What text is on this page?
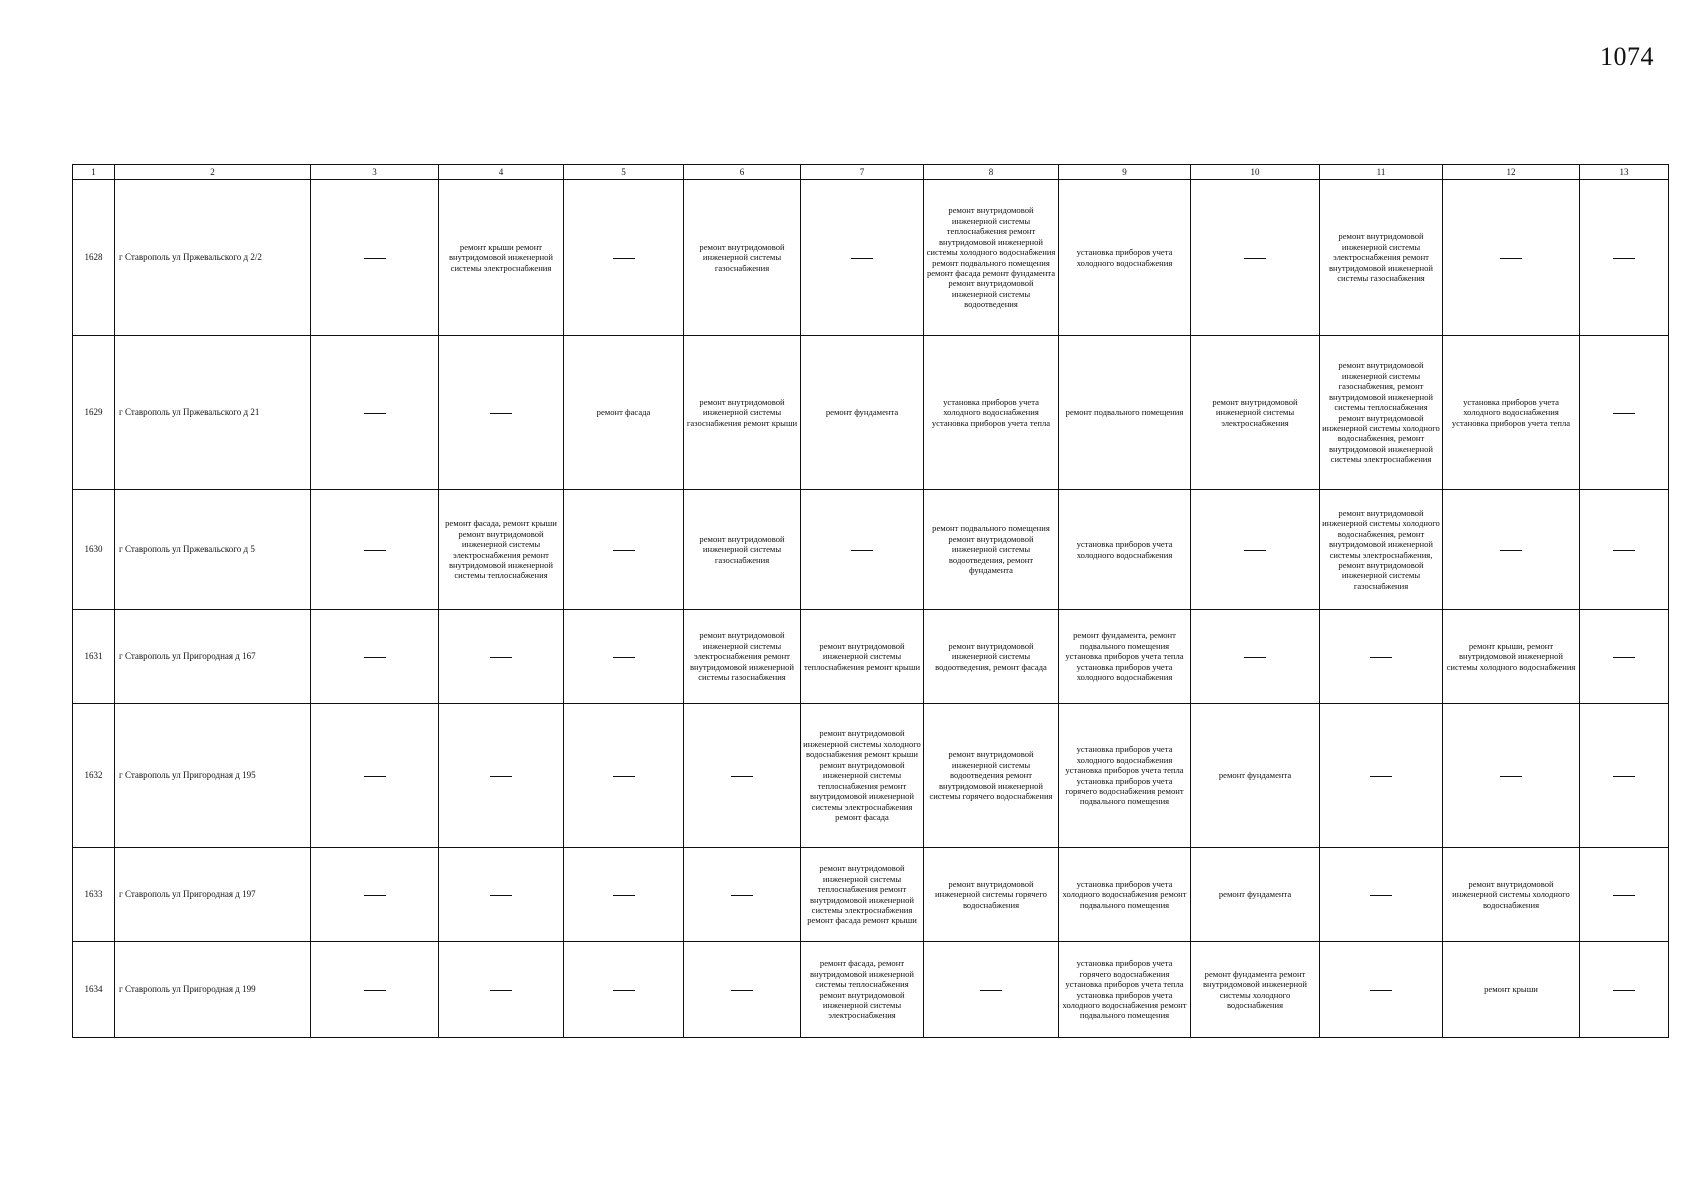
1074
1	2	3	4	5	6	7	8	9	10	11	12	13
1628	г Ставрополь ул Пржевальского д 2/2		ремонт крыши ремонт внутридомовой инженерной системы электроснабжения		ремонт внутридомовой инженерной системы газоснабжения		ремонт внутридомовой инженерной системы теплоснабжения ремонт внутридомовой инженерной системы холодного водоснабжения ремонт подвального помещения ремонт фасада ремонт фундамента ремонт внутридомовой инженерной системы водоотведения	установка приборов учета холодного водоснабжения		ремонт внутридомовой инженерной системы электроснабжения ремонт внутридомовой инженерной системы газоснабжения		
1629	г Ставрополь ул Пржевальского д 21			ремонт фасада	ремонт внутридомовой инженерной системы газоснабжения ремонт крыши	ремонт фундамента	установка приборов учета холодного водоснабжения установка приборов учета тепла	ремонт подвального помещения	ремонт внутридомовой инженерной системы электроснабжения	ремонт внутридомовой инженерной системы газоснабжения, ремонт внутридомовой инженерной системы теплоснабжения ремонт внутридомовой инженерной системы холодного водоснабжения, ремонт внутридомовой инженерной системы электроснабжения	установка приборов учета холодного водоснабжения установка приборов учета тепла	
1630	г Ставрополь ул Пржевальского д 5		ремонт фасада, ремонт крыши ремонт внутридомовой инженерной системы электроснабжения ремонт внутридомовой инженерной системы теплоснабжения		ремонт внутридомовой инженерной системы газоснабжения		ремонт подвального помещения ремонт внутридомовой инженерной системы водоотведения, ремонт фундамента	установка приборов учета холодного водоснабжения		ремонт внутридомовой инженерной системы холодного водоснабжения, ремонт внутридомовой инженерной системы электроснабжения, ремонт внутридомовой инженерной системы газоснабжения		
1631	г Ставрополь ул Пригородная д 167				ремонт внутридомовой инженерной системы электроснабжения ремонт внутридомовой инженерной системы газоснабжения	ремонт внутридомовой инженерной системы теплоснабжения ремонт крыши	ремонт внутридомовой инженерной системы водоотведения, ремонт фасада	ремонт фундамента, ремонт подвального помещения установка приборов учета тепла установка приборов учета холодного водоснабжения			ремонт крыши, ремонт внутридомовой инженерной системы холодного водоснабжения	
1632	г Ставрополь ул Пригородная д 195					ремонт внутридомовой инженерной системы холодного водоснабжения ремонт крыши ремонт внутридомовой инженерной системы теплоснабжения ремонт внутридомовой инженерной системы электроснабжения ремонт фасада	ремонт внутридомовой инженерной системы водоотведения ремонт внутридомовой инженерной системы горячего водоснабжения	установка приборов учета холодного водоснабжения установка приборов учета тепла установка приборов учета горячего водоснабжения ремонт подвального помещения	ремонт фундамента			
1633	г Ставрополь ул Пригородная д 197					ремонт внутридомовой инженерной системы теплоснабжения ремонт внутридомовой инженерной системы электроснабжения ремонт фасада ремонт крыши	ремонт внутридомовой инженерной системы горячего водоснабжения	установка приборов учета холодного водоснабжения ремонт подвального помещения	ремонт фундамента		ремонт внутридомовой инженерной системы холодного водоснабжения	
1634	г Ставрополь ул Пригородная д 199					ремонт фасада, ремонт внутридомовой инженерной системы теплоснабжения ремонт внутридомовой инженерной системы электроснабжения		установка приборов учета горячего водоснабжения установка приборов учета тепла установка приборов учета холодного водоснабжения ремонт подвального помещения	ремонт фундамента ремонт внутридомовой инженерной системы холодного водоснабжения		ремонт крыши	
